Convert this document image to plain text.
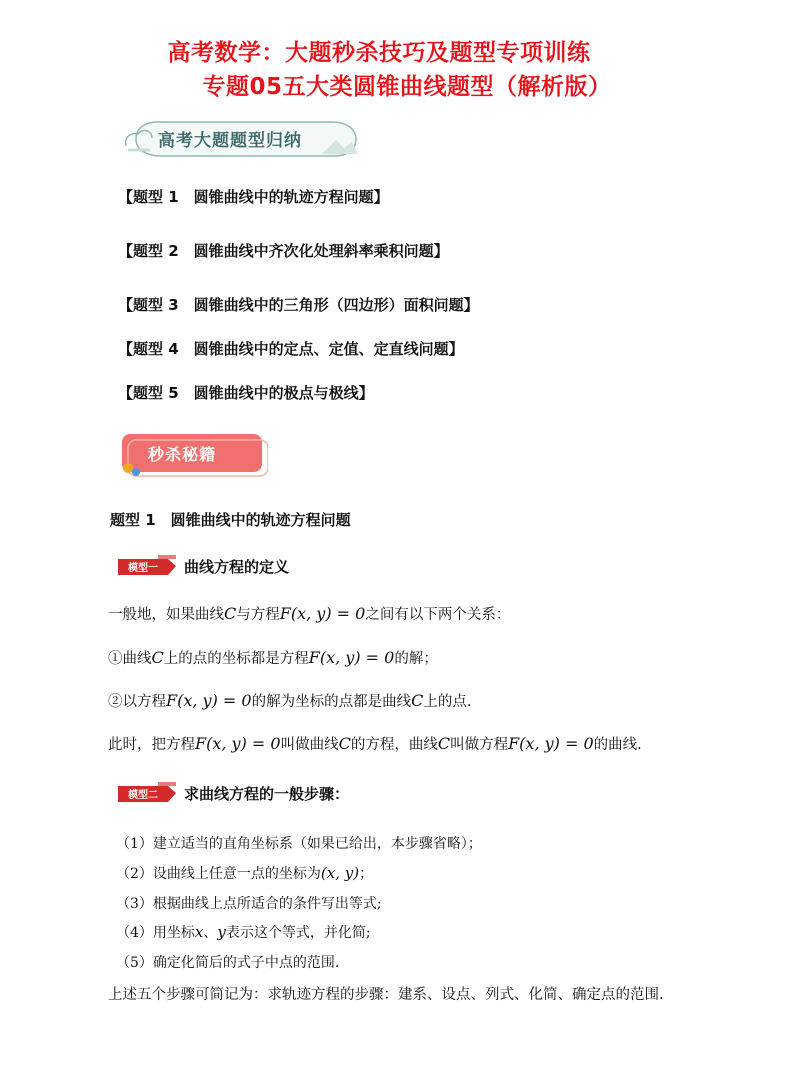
高考数学：大题秒杀技巧及题型专项训练
专题05五大类圆锥曲线题型（解析版）
高考大题题型归纳
【题型 1　圆锥曲线中的轨迹方程问题】
【题型 2　圆锥曲线中齐次化处理斜率乘积问题】
【题型 3　圆锥曲线中的三角形（四边形）面积问题】
【题型 4　圆锥曲线中的定点、定值、定直线问题】
【题型 5　圆锥曲线中的极点与极线】
秒杀秘籍
题型 1　圆锥曲线中的轨迹方程问题
模型一 曲线方程的定义
一般地，如果曲线C与方程F(x, y) = 0之间有以下两个关系：
①曲线C上的点的坐标都是方程F(x, y) = 0的解；
②以方程F(x, y) = 0的解为坐标的点都是曲线C上的点.
此时，把方程F(x, y) = 0叫做曲线C的方程，曲线C叫做方程F(x, y) = 0的曲线.
模型二 求曲线方程的一般步骤：
（1）建立适当的直角坐标系（如果已给出，本步骤省略）；
（2）设曲线上任意一点的坐标为(x, y)；
（3）根据曲线上点所适合的条件写出等式;
（4）用坐标x、y表示这个等式，并化简;
（5）确定化简后的式子中点的范围.
上述五个步骤可简记为：求轨迹方程的步骤：建系、设点、列式、化简、确定点的范围.
